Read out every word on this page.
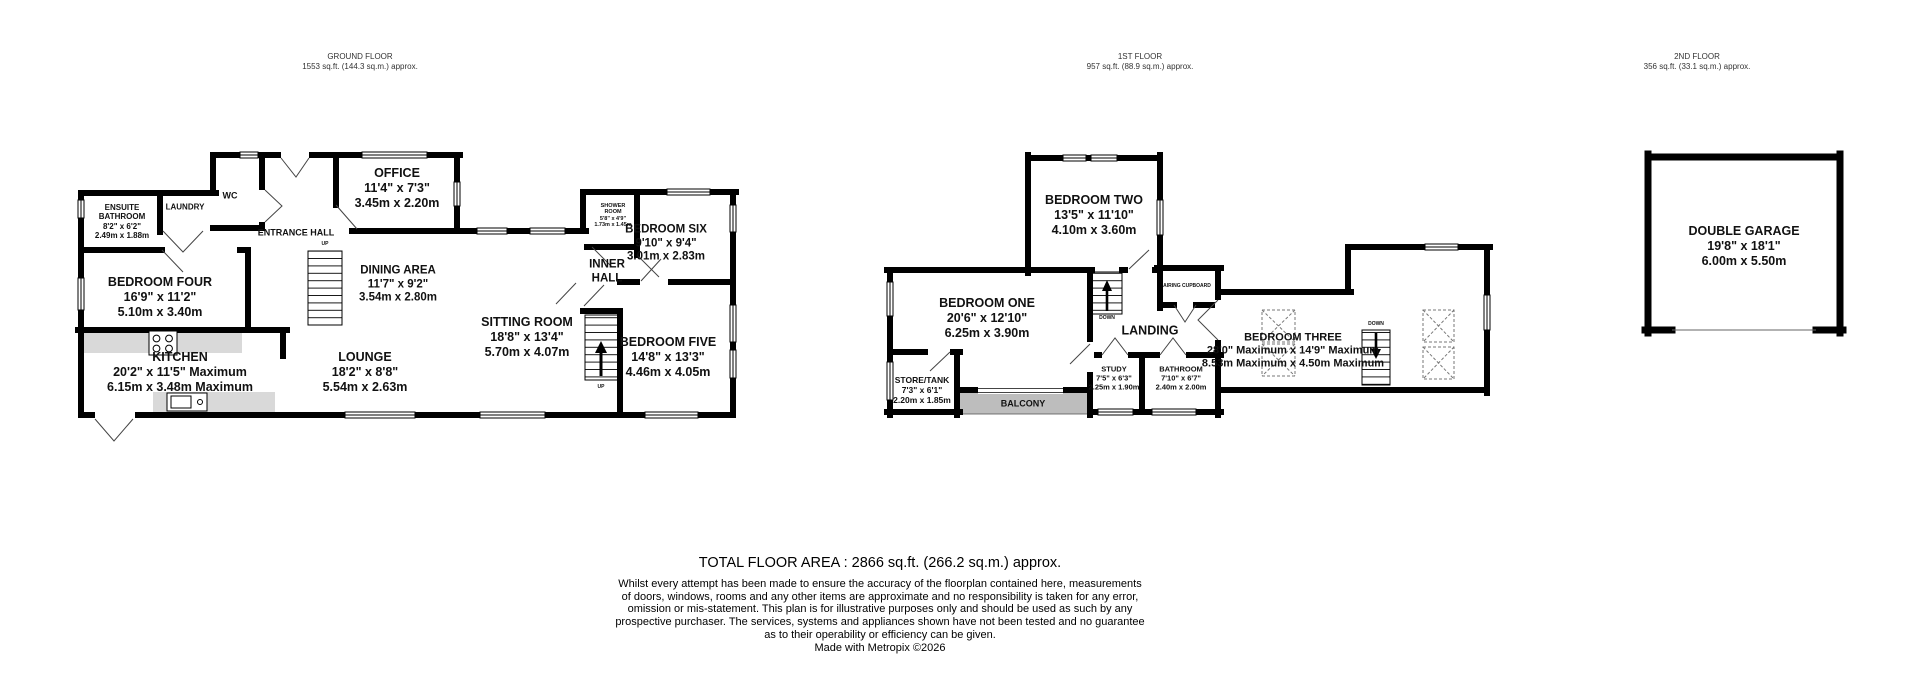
GROUND FLOOR
1553 sq.ft. (144.3 sq.m.) approx.
1ST FLOOR
957 sq.ft. (88.9 sq.m.) approx.
2ND FLOOR
356 sq.ft. (33.1 sq.m.) approx.
ENSUITE
BATHROOM
8'2" x 6'2"
2.49m x 1.88m
LAUNDRY
WC
ENTRANCE HALL
OFFICE
11'4" x 7'3"
3.45m x 2.20m
DINING AREA
11'7" x 9'2"
3.54m x 2.80m
BEDROOM FOUR
16'9" x 11'2"
5.10m x 3.40m
KITCHEN
20'2" x 11'5" Maximum
6.15m x 3.48m Maximum
LOUNGE
18'2" x 8'8"
5.54m x 2.63m
SITTING ROOM
18'8" x 13'4"
5.70m x 4.07m
INNER
HALL
SHOWER
ROOM
5'8" x 4'9"
1.73m x 1.45m
BEDROOM SIX
9'10" x 9'4"
3.01m x 2.83m
BEDROOM FIVE
14'8" x 13'3"
4.46m x 4.05m
UP
UP
BEDROOM TWO
13'5" x 11'10"
4.10m x 3.60m
BEDROOM ONE
20'6" x 12'10"
6.25m x 3.90m	LANDING
AIRING CUPBOARD
STORE/TANK
7'3" x 6'1"
2.20m x 1.85m	BALCONY
STUDY
7'5" x 6'3"
2.25m x 1.90m
BATHROOM
7'10" x 6'7"
2.40m x 2.00m
BEDROOM THREE
28'0" Maximum x 14'9" Maximum
8.53m Maximum x 4.50m Maximum
DOWN
DOWN
DOUBLE GARAGE
19'8" x 18'1"
6.00m x 5.50m
TOTAL FLOOR AREA : 2866 sq.ft. (266.2 sq.m.) approx.
Whilst every attempt has been made to ensure the accuracy of the floorplan contained here, measurements
of doors, windows, rooms and any other items are approximate and no responsibility is taken for any error,
omission or mis-statement. This plan is for illustrative purposes only and should be used as such by any
prospective purchaser. The services, systems and appliances shown have not been tested and no guarantee
as to their operability or efficiency can be given.
Made with Metropix ©2026
